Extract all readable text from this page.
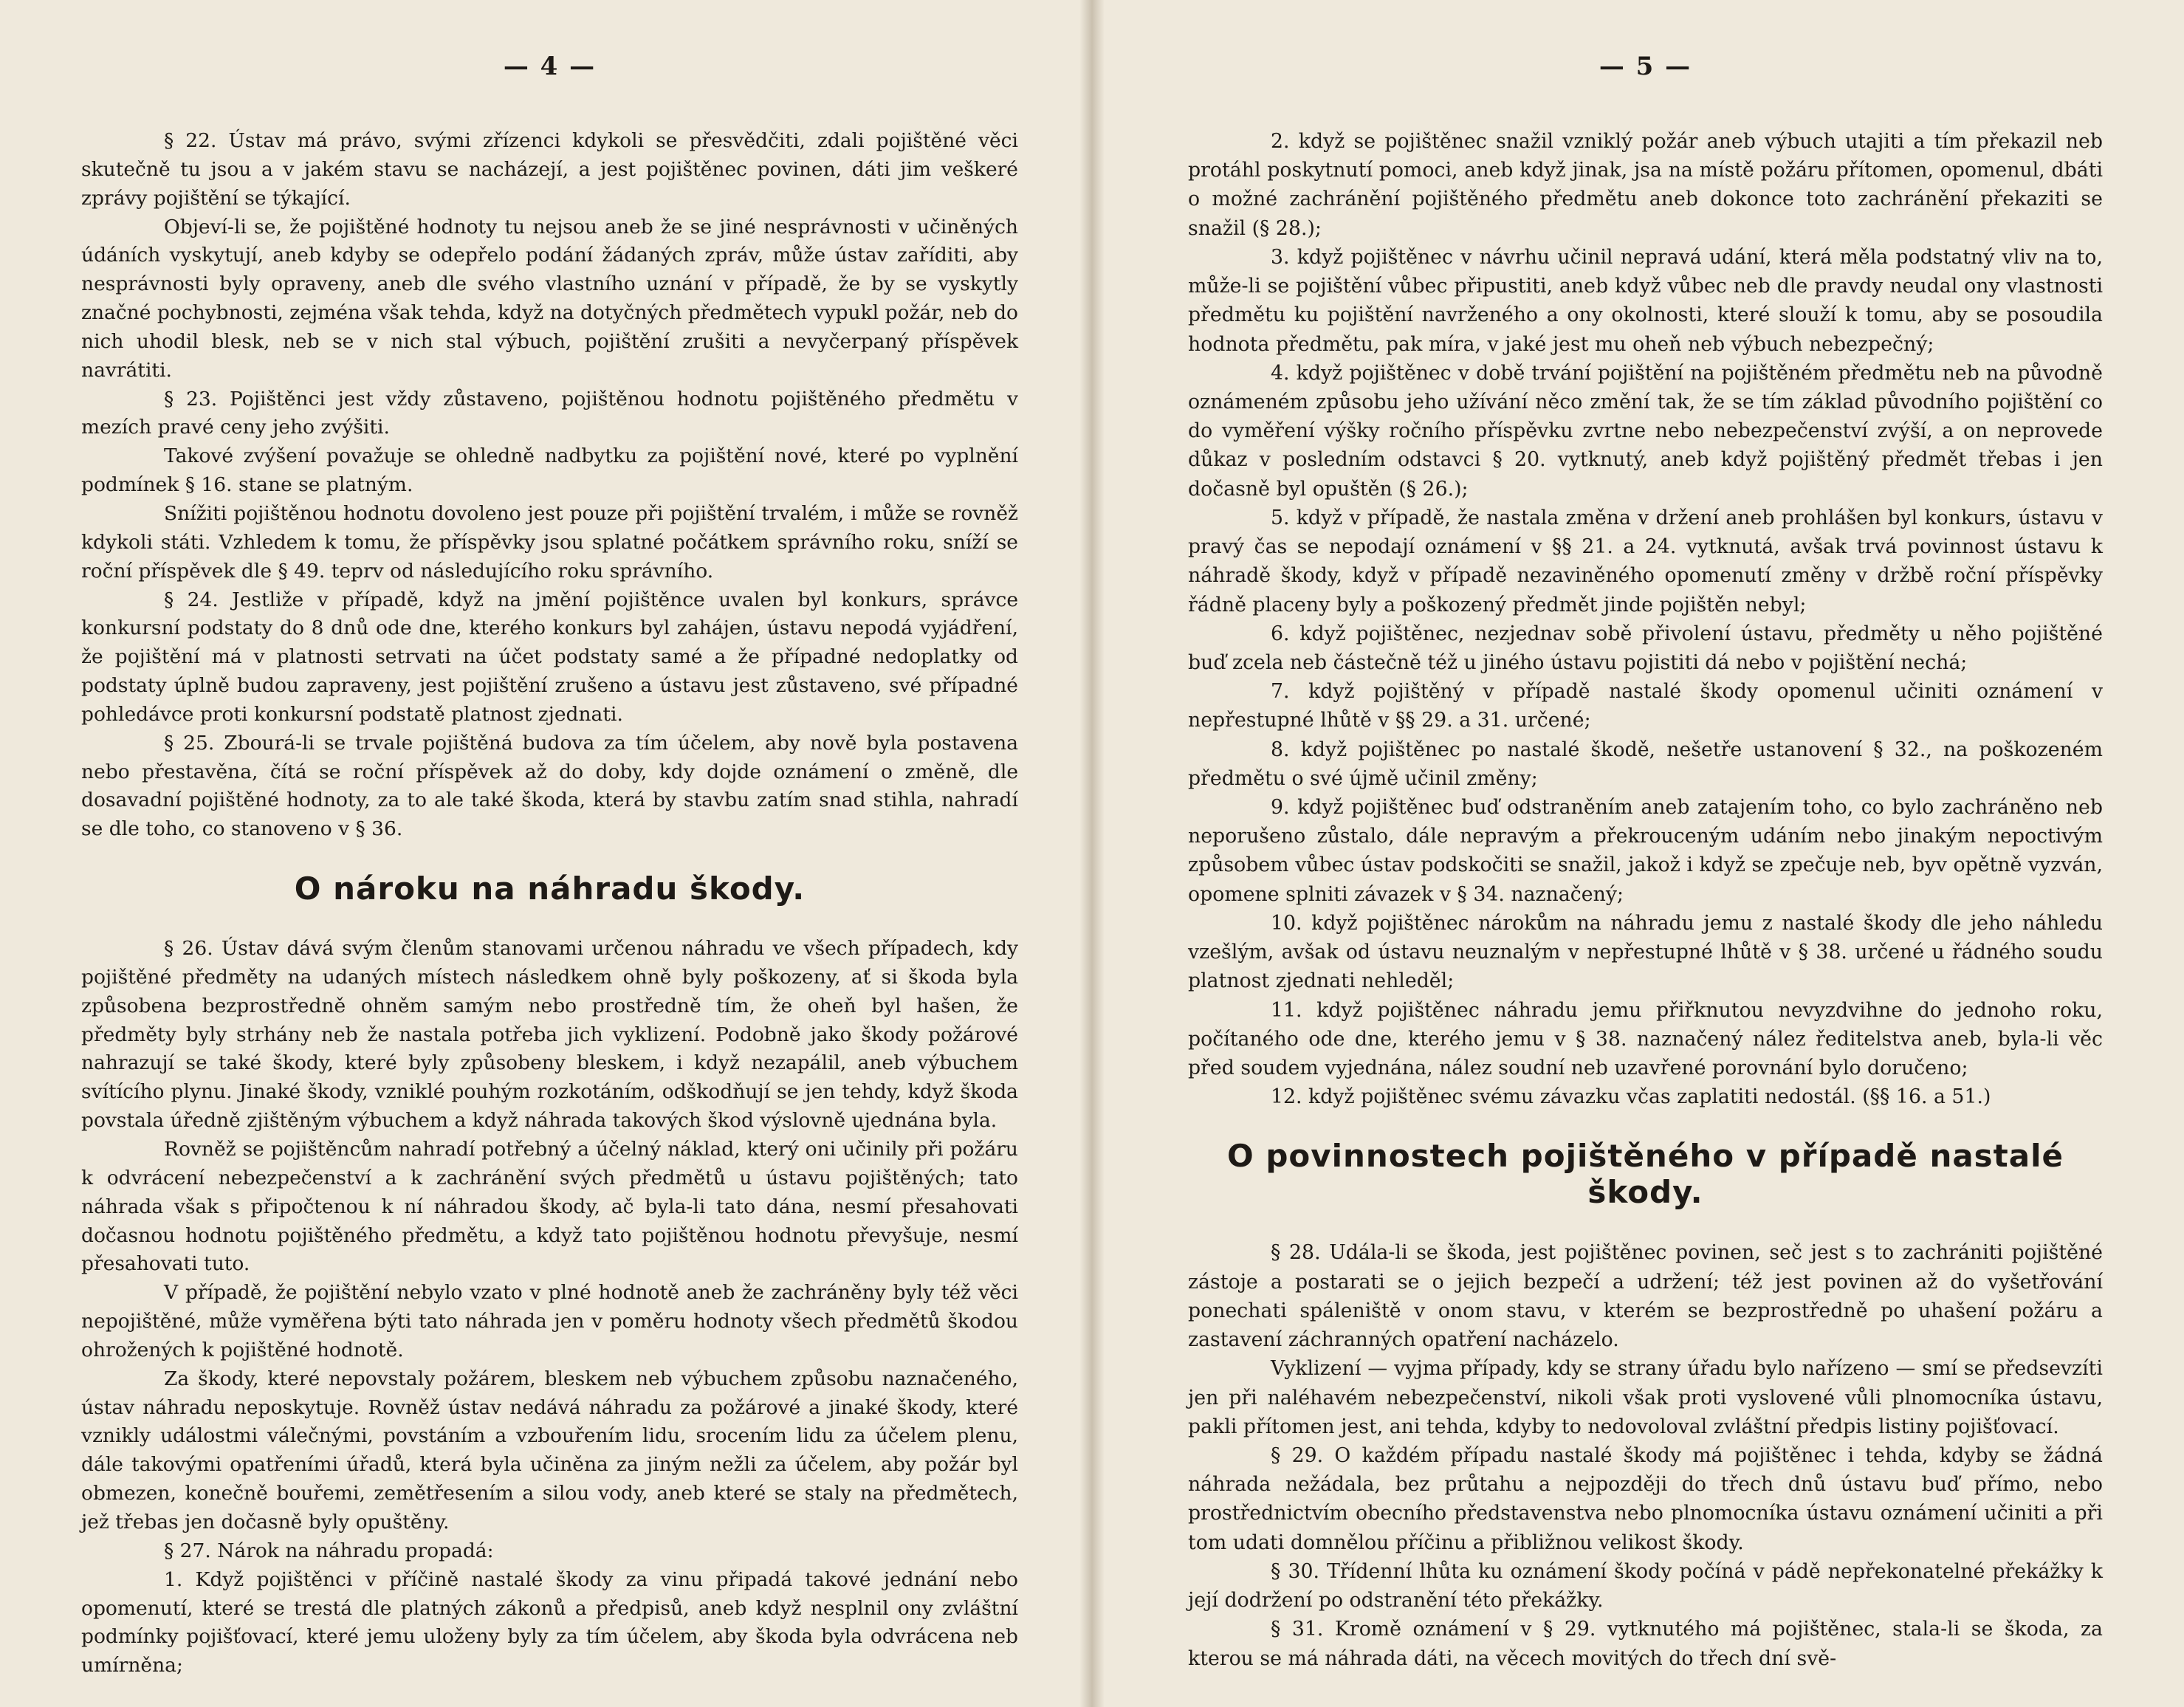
— 4 —

§ 22. Ústav má právo, svými zřízenci kdykoli se přesvědčiti, zdali pojištěné věci skutečně tu jsou a v jakém stavu se nacházejí, a jest pojištěnec povinen, dáti jim veškeré zprávy pojištění se týkající.

Objeví-li se, že pojištěné hodnoty tu nejsou aneb že se jiné nesprávnosti v učiněných údáních vyskytují, aneb kdyby se odepřelo podání žádaných zpráv, může ústav zaříditi, aby nesprávnosti byly opraveny, aneb dle svého vlastního uznání v případě, že by se vyskytly značné pochybnosti, zejména však tehda, když na dotyčných předmětech vypukl požár, neb do nich uhodil blesk, neb se v nich stal výbuch, pojištění zrušiti a nevyčerpaný příspěvek navrátiti.

§ 23. Pojištěnci jest vždy zůstaveno, pojištěnou hodnotu pojištěného předmětu v mezích pravé ceny jeho zvýšiti.

Takové zvýšení považuje se ohledně nadbytku za pojištění nové, které po vyplnění podmínek § 16. stane se platným.

Snížiti pojištěnou hodnotu dovoleno jest pouze při pojištění trvalém, i může se rovněž kdykoli státi. Vzhledem k tomu, že příspěvky jsou splatné počátkem správního roku, sníží se roční příspěvek dle § 49. teprv od následujícího roku správního.

§ 24. Jestliže v případě, když na jmění pojištěnce uvalen byl konkurs, správce konkursní podstaty do 8 dnů ode dne, kterého konkurs byl zahájen, ústavu nepodá vyjádření, že pojištění má v platnosti setrvati na účet podstaty samé a že případné nedoplatky od podstaty úplně budou zapraveny, jest pojištění zrušeno a ústavu jest zůstaveno, své případné pohledávce proti konkursní podstatě platnost zjednati.

§ 25. Zbourá-li se trvale pojištěná budova za tím účelem, aby nově byla postavena nebo přestavěna, čítá se roční příspěvek až do doby, kdy dojde oznámení o změně, dle dosavadní pojištěné hodnoty, za to ale také škoda, která by stavbu zatím snad stihla, nahradí se dle toho, co stanoveno v § 36.

O nároku na náhradu škody.

§ 26. Ústav dává svým členům stanovami určenou náhradu ve všech případech, kdy pojištěné předměty na udaných místech následkem ohně byly poškozeny, ať si škoda byla způsobena bezprostředně ohněm samým nebo prostředně tím, že oheň byl hašen, že předměty byly strhány neb že nastala potřeba jich vyklizení. Podobně jako škody požárové nahrazují se také škody, které byly způsobeny bleskem, i když nezapálil, aneb výbuchem svítícího plynu. Jinaké škody, vzniklé pouhým rozkotáním, odškodňují se jen tehdy, když škoda povstala úředně zjištěným výbuchem a když náhrada takových škod výslovně ujednána byla.

Rovněž se pojištěncům nahradí potřebný a účelný náklad, který oni učinily při požáru k odvrácení nebezpečenství a k zachránění svých předmětů u ústavu pojištěných; tato náhrada však s připočtenou k ní náhradou škody, ač byla-li tato dána, nesmí přesahovati dočasnou hodnotu pojištěného předmětu, a když tato pojištěnou hodnotu převyšuje, nesmí přesahovati tuto.

V případě, že pojištění nebylo vzato v plné hodnotě aneb že zachráněny byly též věci nepojištěné, může vyměřena býti tato náhrada jen v poměru hodnoty všech předmětů škodou ohrožených k pojištěné hodnotě.

Za škody, které nepovstaly požárem, bleskem neb výbuchem způsobu naznačeného, ústav náhradu neposkytuje. Rovněž ústav nedává náhradu za požárové a jinaké škody, které vznikly událostmi válečnými, povstáním a vzbouřením lidu, srocením lidu za účelem plenu, dále takovými opatřeními úřadů, která byla učiněna za jiným nežli za účelem, aby požár byl obmezen, konečně bouřemi, zemětřesením a silou vody, aneb které se staly na předmětech, jež třebas jen dočasně byly opuštěny.

§ 27. Nárok na náhradu propadá:

1. Když pojištěnci v příčině nastalé škody za vinu připadá takové jednání nebo opomenutí, které se trestá dle platných zákonů a předpisů, aneb když nesplnil ony zvláštní podmínky pojišťovací, které jemu uloženy byly za tím účelem, aby škoda byla odvrácena neb umírněna;

— 5 —

2. když se pojištěnec snažil vzniklý požár aneb výbuch utajiti a tím překazil neb protáhl poskytnutí pomoci, aneb když jinak, jsa na místě požáru přítomen, opomenul, dbáti o možné zachránění pojištěného předmětu aneb dokonce toto zachránění překaziti se snažil (§ 28.);

3. když pojištěnec v návrhu učinil nepravá udání, která měla podstatný vliv na to, může-li se pojištění vůbec připustiti, aneb když vůbec neb dle pravdy neudal ony vlastnosti předmětu ku pojištění navrženého a ony okolnosti, které slouží k tomu, aby se posoudila hodnota předmětu, pak míra, v jaké jest mu oheň neb výbuch nebezpečný;

4. když pojištěnec v době trvání pojištění na pojištěném předmětu neb na původně oznámeném způsobu jeho užívání něco změní tak, že se tím základ původního pojištění co do vyměření výšky ročního příspěvku zvrtne nebo nebezpečenství zvýší, a on neprovede důkaz v posledním odstavci § 20. vytknutý, aneb když pojištěný předmět třebas i jen dočasně byl opuštěn (§ 26.);

5. když v případě, že nastala změna v držení aneb prohlášen byl konkurs, ústavu v pravý čas se nepodají oznámení v §§ 21. a 24. vytknutá, avšak trvá povinnost ústavu k náhradě škody, když v případě nezaviněného opomenutí změny v držbě roční příspěvky řádně placeny byly a poškozený předmět jinde pojištěn nebyl;

6. když pojištěnec, nezjednav sobě přivolení ústavu, předměty u něho pojištěné buď zcela neb částečně též u jiného ústavu pojistiti dá nebo v pojištění nechá;

7. když pojištěný v případě nastalé škody opomenul učiniti oznámení v nepřestupné lhůtě v §§ 29. a 31. určené;

8. když pojištěnec po nastalé škodě, nešetře ustanovení § 32., na poškozeném předmětu o své újmě učinil změny;

9. když pojištěnec buď odstraněním aneb zatajením toho, co bylo zachráněno neb neporušeno zůstalo, dále nepravým a překrouceným udáním nebo jinakým nepoctivým způsobem vůbec ústav podskočiti se snažil, jakož i když se zpečuje neb, byv opětně vyzván, opomene splniti závazek v § 34. naznačený;

10. když pojištěnec nárokům na náhradu jemu z nastalé škody dle jeho náhledu vzešlým, avšak od ústavu neuznalým v nepřestupné lhůtě v § 38. určené u řádného soudu platnost zjednati nehleděl;

11. když pojištěnec náhradu jemu přiřknutou nevyzdvihne do jednoho roku, počítaného ode dne, kterého jemu v § 38. naznačený nález ředitelstva aneb, byla-li věc před soudem vyjednána, nález soudní neb uzavřené porovnání bylo doručeno;

12. když pojištěnec svému závazku včas zaplatiti nedostál. (§§ 16. a 51.)

O povinnostech pojištěného v případě nastalé škody.

§ 28. Udála-li se škoda, jest pojištěnec povinen, seč jest s to zachrániti pojištěné zástoje a postarati se o jejich bezpečí a udržení; též jest povinen až do vyšetřování ponechati spáleniště v onom stavu, v kterém se bezprostředně po uhašení požáru a zastavení záchranných opatření nacházelo.

Vyklizení — vyjma případy, kdy se strany úřadu bylo nařízeno — smí se předsevzíti jen při naléhavém nebezpečenství, nikoli však proti vyslovené vůli plnomocníka ústavu, pakli přítomen jest, ani tehda, kdyby to nedovoloval zvláštní předpis listiny pojišťovací.

§ 29. O každém případu nastalé škody má pojištěnec i tehda, kdyby se žádná náhrada nežádala, bez průtahu a nejpozději do třech dnů ústavu buď přímo, nebo prostřednictvím obecního představenstva nebo plnomocníka ústavu oznámení učiniti a při tom udati domnělou příčinu a přibližnou velikost škody.

§ 30. Třídenní lhůta ku oznámení škody počíná v pádě nepřekonatelné překážky k její dodržení po odstranění této překážky.

§ 31. Kromě oznámení v § 29. vytknutého má pojištěnec, stala-li se škoda, za kterou se má náhrada dáti, na věcech movitých do třech dní svě-
